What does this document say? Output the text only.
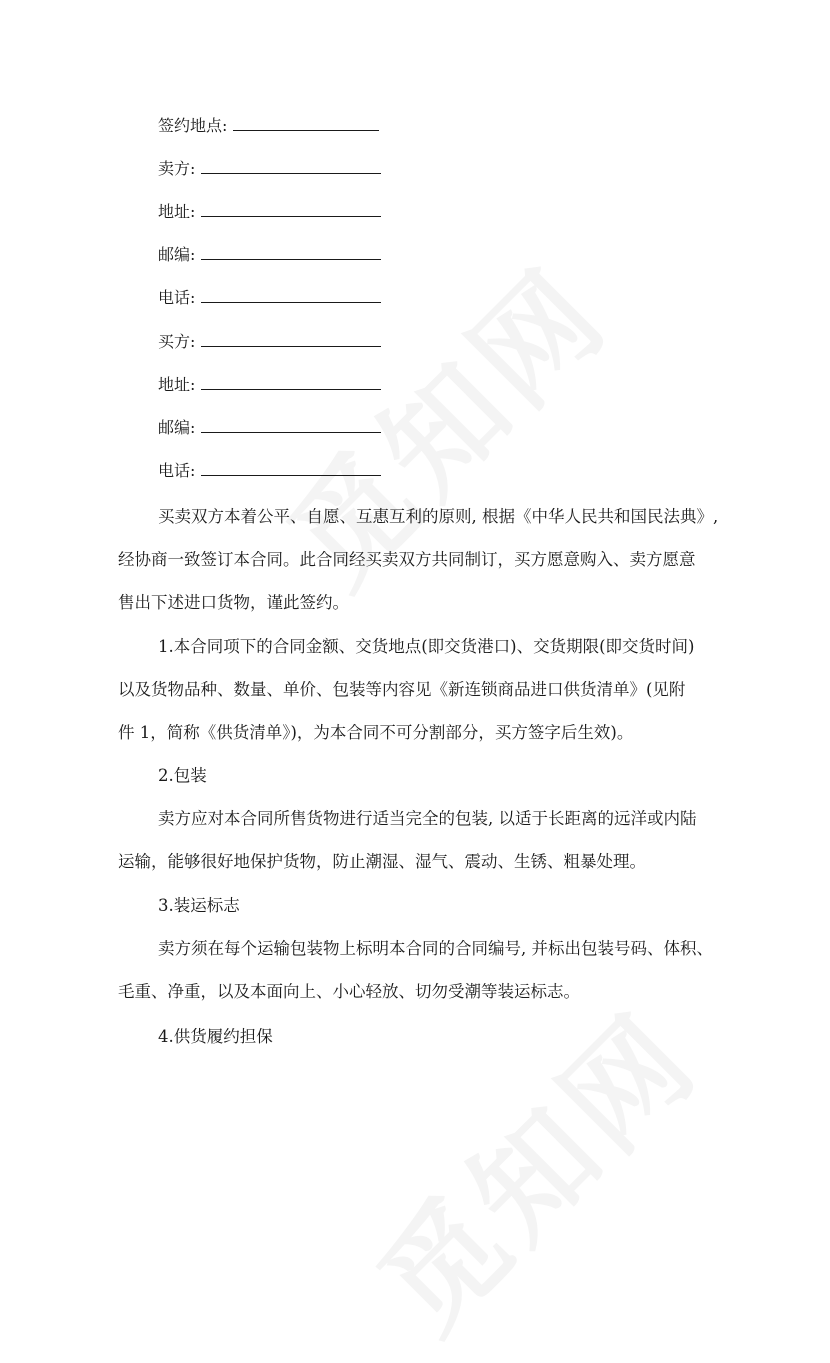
签约地点:
卖方:
地址:
邮编:
电话:
买方:
地址:
邮编:
电话:
买卖双方本着公平、自愿、互惠互利的原则, 根据《中华人民共和国民法典》,
经协商一致签订本合同。此合同经买卖双方共同制订，买方愿意购入、卖方愿意
售出下述进口货物，谨此签约。
1.本合同项下的合同金额、交货地点(即交货港口)、交货期限(即交货时间)
以及货物品种、数量、单价、包装等内容见《新连锁商品进口供货清单》(见附
件 1，简称《供货清单》)，为本合同不可分割部分，买方签字后生效)。
2.包装
卖方应对本合同所售货物进行适当完全的包装, 以适于长距离的远洋或内陆
运输，能够很好地保护货物，防止潮湿、湿气、震动、生锈、粗暴处理。
3.装运标志
卖方须在每个运输包装物上标明本合同的合同编号, 并标出包装号码、体积、
毛重、净重，以及本面向上、小心轻放、切勿受潮等装运标志。
4.供货履约担保
